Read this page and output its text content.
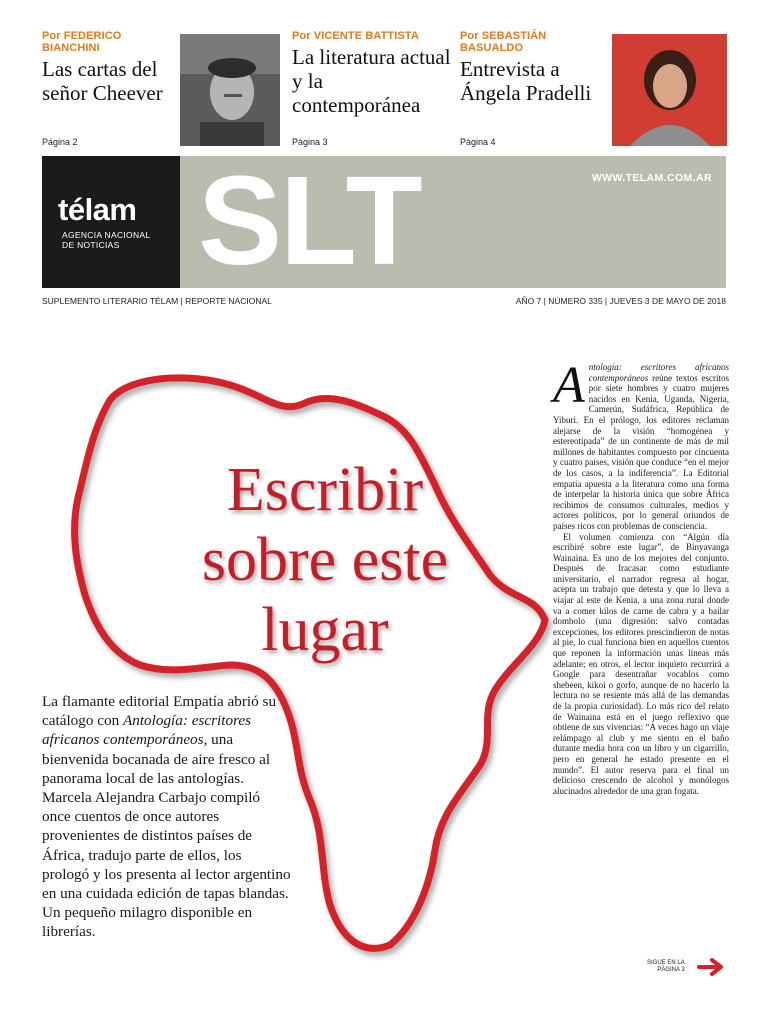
Por FEDERICO BIANCHINI
Las cartas del señor Cheever
Página 2
Por VICENTE BATTISTA
La literatura actual y la contemporánea
Página 3
Por SEBASTIÁN BASUALDO
Entrevista a Ángela Pradelli
Página 4
télam
AGENCIA NACIONAL
DE NOTICIAS SLT	WWW.TELAM.COM.AR
SUPLEMENTO LITERARIO TÉLAM | REPORTE NACIONAL	AÑO 7 | NÚMERO 335 | JUEVES 3 DE MAYO DE 2018
Escribir
sobre este
lugar
La flamante editorial Empatía abrió su catálogo con Antología: escritores africanos contemporáneos, una bienvenida bocanada de aire fresco al panorama local de las antologías. Marcela Alejandra Carbajo compiló once cuentos de once autores provenientes de distintos países de África, tradujo parte de ellos, los prologó y los presenta al lector argentino en una cuidada edición de tapas blandas. Un pequeño milagro disponible en librerías.
A ntología: escritores africanos contemporáneos reúne textos escritos por siete hombres y cuatro mujeres nacidos en Kenia, Uganda, Nigeria, Camerún, Sudáfrica, República de Yiburi. En el prólogo, los editores reclaman alejarse de la visión “homogénea y estereotipada” de un continente de más de mil millones de habitantes compuesto por cincuenta y cuatro países, visión que conduce “en el mejor de los casos, a la indiferencia”. La Editorial empatía apuesta a la literatura como una forma de interpelar la historia única que sobre África recibimos de consumos culturales, medios y actores políticos, por lo general oriundos de países ricos con problemas de consciencia.

El volumen comienza con “Algún día escribiré sobre este lugar”, de Binyavanga Wainaina. Es uno de los mejores del conjunto. Después de fracasar como estudiante universitario, el narrador regresa al hogar, acepta un trabajo que detesta y que lo lleva a viajar al este de Kenia, a una zona rural donde va a comer kilos de carne de cabra y a bailar dombolo (una digresión: salvo contadas excepciones, los editores prescindieron de notas al pie, lo cual funciona bien en aquellos cuentos que reponen la información unas líneas más adelante; en otros, el lector inquieto recurrirá a Google para desentrañar vocablos como shebeen, kikoi o gorfo, aunque de no hacerlo la lectura no se resiente más allá de las demandas de la propia curiosidad). Lo más rico del relato de Wainaina está en el juego reflexivo que obtiene de sus vivencias: “A veces hago un viaje relámpago al club y me siento en el baño durante media hora con un libro y un cigarrillo, pero en general he estado presente en el mundo”. El autor reserva para el final un delicioso crescendo de alcohol y monólogos alucinados alrededor de una gran fogata.

SIGUE EN LA
PÁGINA 3
